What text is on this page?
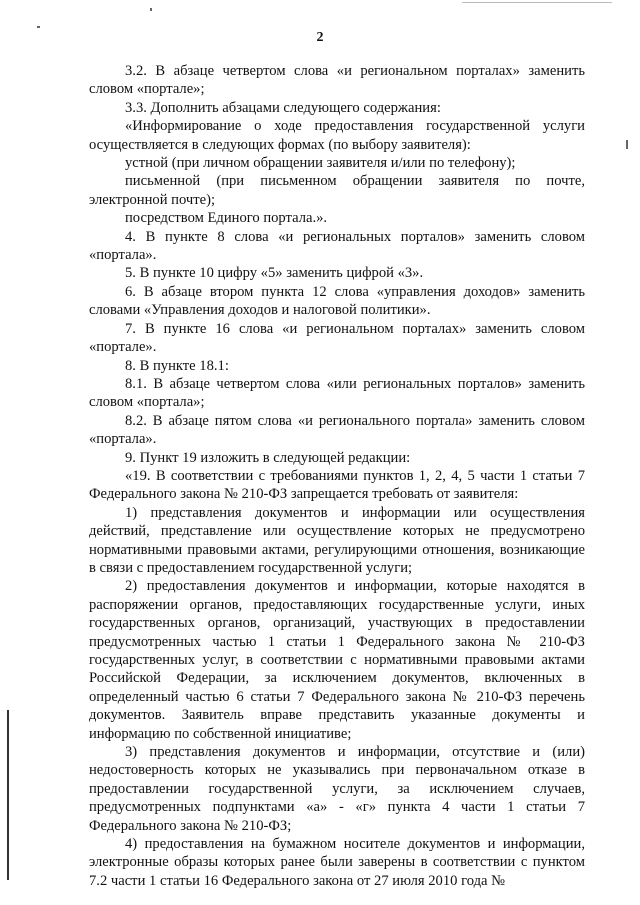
2

3.2. В абзаце четвертом слова «и региональном порталах» заменить словом «портале»;

3.3. Дополнить абзацами следующего содержания:

«Информирование о ходе предоставления государственной услуги осуществляется в следующих формах (по выбору заявителя):

устной (при личном обращении заявителя и/или по телефону);

письменной (при письменном обращении заявителя по почте, электронной почте);

посредством Единого портала.».

4. В пункте 8 слова «и региональных порталов» заменить словом «портала».

5. В пункте 10 цифру «5» заменить цифрой «3».

6. В абзаце втором пункта 12 слова «управления доходов» заменить словами «Управления доходов и налоговой политики».

7. В пункте 16 слова «и региональном порталах» заменить словом «портале».

8. В пункте 18.1:

8.1. В абзаце четвертом слова «или региональных порталов» заменить словом «портала»;

8.2. В абзаце пятом слова «и регионального портала» заменить словом «портала».

9. Пункт 19 изложить в следующей редакции:

«19. В соответствии с требованиями пунктов 1, 2, 4, 5 части 1 статьи 7 Федерального закона № 210-ФЗ запрещается требовать от заявителя:

1) представления документов и информации или осуществления действий, представление или осуществление которых не предусмотрено нормативными правовыми актами, регулирующими отношения, возникающие в связи с предоставлением государственной услуги;

2) предоставления документов и информации, которые находятся в распоряжении органов, предоставляющих государственные услуги, иных государственных органов, организаций, участвующих в предоставлении предусмотренных частью 1 статьи 1 Федерального закона № 210-ФЗ государственных услуг, в соответствии с нормативными правовыми актами Российской Федерации, за исключением документов, включенных в определенный частью 6 статьи 7 Федерального закона № 210-ФЗ перечень документов. Заявитель вправе представить указанные документы и информацию по собственной инициативе;

3) представления документов и информации, отсутствие и (или) недостоверность которых не указывались при первоначальном отказе в предоставлении государственной услуги, за исключением случаев, предусмотренных подпунктами «а» - «г» пункта 4 части 1 статьи 7 Федерального закона № 210-ФЗ;

4) предоставления на бумажном носителе документов и информации, электронные образы которых ранее были заверены в соответствии с пунктом 7.2 части 1 статьи 16 Федерального закона от 27 июля 2010 года №
